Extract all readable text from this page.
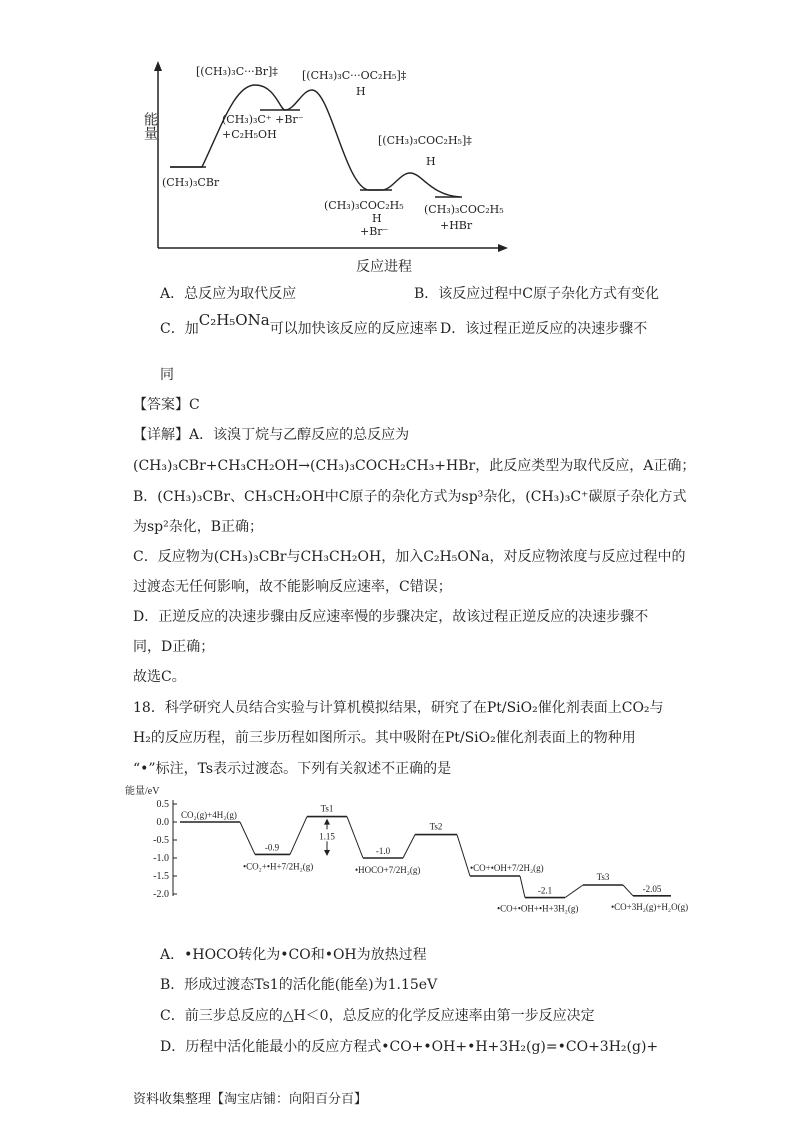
能量
反应进程
[(CH₃)₃C···Br]‡ [(CH₃)₃C···OC₂H₅]‡
H
(CH₃)₃C⁺ +Br⁻
+C₂H₅OH
(CH₃)₃CBr
[(CH₃)₃COC₂H₅]‡
H
(CH₃)₃COC₂H₅
H
+Br⁻
(CH₃)₃COC₂H₅
+HBr
A．总反应为取代反应	B．该反应过程中C原子杂化方式有变化
C．加C₂H₅ONa可以加快该反应的反应速率 D．该过程正逆反应的决速步骤不
同
【答案】C
【详解】A．该溴丁烷与乙醇反应的总反应为
(CH₃)₃CBr+CH₃CH₂OH→(CH₃)₃COCH₂CH₃+HBr，此反应类型为取代反应，A正确；
B．(CH₃)₃CBr、CH₃CH₂OH中C原子的杂化方式为sp³杂化，(CH₃)₃C⁺碳原子杂化方式
为sp²杂化，B正确；
C．反应物为(CH₃)₃CBr与CH₃CH₂OH，加入C₂H₅ONa，对反应物浓度与反应过程中的
过渡态无任何影响，故不能影响反应速率，C错误；
D．正逆反应的决速步骤由反应速率慢的步骤决定，故该过程正逆反应的决速步骤不
同，D正确；
故选C。
18．科学研究人员结合实验与计算机模拟结果，研究了在Pt/SiO₂催化剂表面上CO₂与
H₂的反应历程，前三步历程如图所示。其中吸附在Pt/SiO₂催化剂表面上的物种用
“•”标注，Ts表示过渡态。下列有关叙述不正确的是
能量/eV
0.5
0.0
-0.5
-1.0
-1.5
-2.0
CO₂(g)+4H₂(g)
•CO₂+•H+7/2H₂(g)
Ts1
•HOCO+7/2H₂(g)
Ts2
•CO+•OH+7/2H₂(g)
•CO+•OH+•H+3H₂(g)
Ts3
•CO+3H₂(g)+H₂O(g)
-0.9	-1.0
-2.1	-2.05
1.15
A．•HOCO转化为•CO和•OH为放热过程
B．形成过渡态Ts1的活化能(能垒)为1.15eV
C．前三步总反应的△H＜0，总反应的化学反应速率由第一步反应决定
D．历程中活化能最小的反应方程式•CO+•OH+•H+3H₂(g)=•CO+3H₂(g)+
资料收集整理【淘宝店铺：向阳百分百】
